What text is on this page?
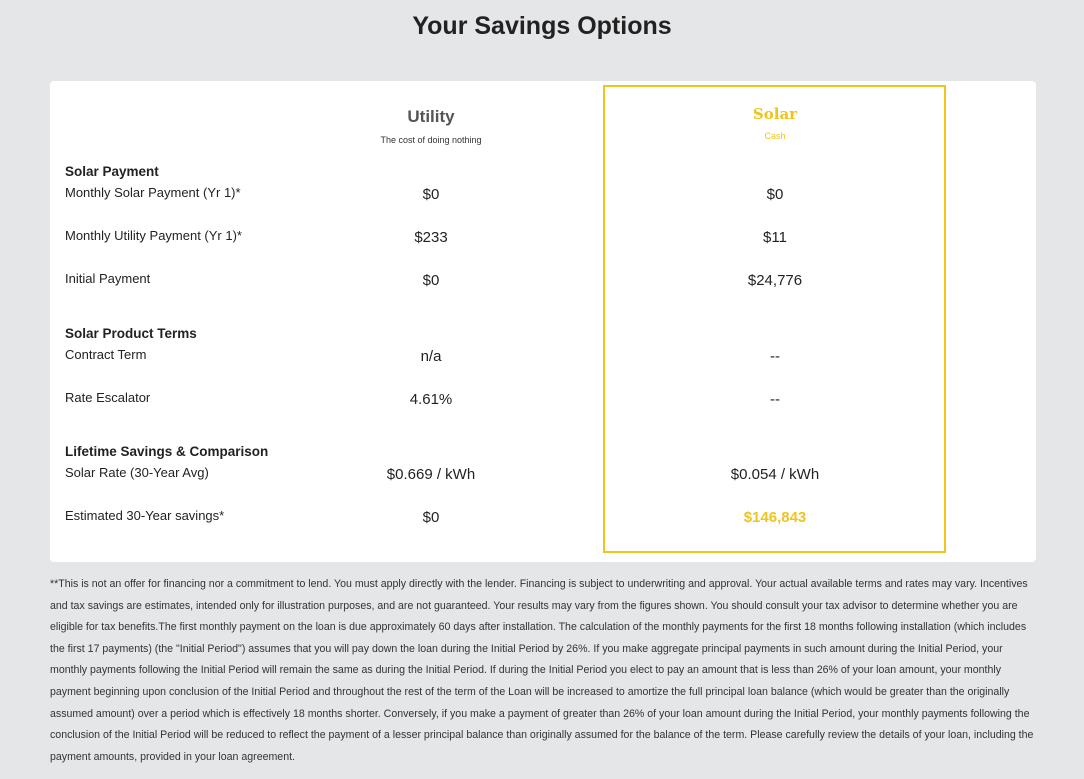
Your Savings Options
Utility
The cost of doing nothing
Solar
Cash
Solar Payment
Monthly Solar Payment (Yr 1)*	$0	$0
Monthly Utility Payment (Yr 1)*	$233	$11
Initial Payment	$0	$24,776
Solar Product Terms
Contract Term	n/a	--
Rate Escalator	4.61%	--
Lifetime Savings & Comparison
Solar Rate (30-Year Avg)	$0.669 / kWh	$0.054 / kWh
Estimated 30-Year savings*	$0	$146,843

**This is not an offer for financing nor a commitment to lend. You must apply directly with the lender. Financing is subject to underwriting and approval. Your actual available terms and rates may vary. Incentives and tax savings are estimates, intended only for illustration purposes, and are not guaranteed. Your results may vary from the figures shown. You should consult your tax advisor to determine whether you are eligible for tax benefits.The first monthly payment on the loan is due approximately 60 days after installation. The calculation of the monthly payments for the first 18 months following installation (which includes the first 17 payments) (the "Initial Period") assumes that you will pay down the loan during the Initial Period by 26%. If you make aggregate principal payments in such amount during the Initial Period, your monthly payments following the Initial Period will remain the same as during the Initial Period. If during the Initial Period you elect to pay an amount that is less than 26% of your loan amount, your monthly payment beginning upon conclusion of the Initial Period and throughout the rest of the term of the Loan will be increased to amortize the full principal loan balance (which would be greater than the originally assumed amount) over a period which is effectively 18 months shorter. Conversely, if you make a payment of greater than 26% of your loan amount during the Initial Period, your monthly payments following the conclusion of the Initial Period will be reduced to reflect the payment of a lesser principal balance than originally assumed for the balance of the term. Please carefully review the details of your loan, including the payment amounts, provided in your loan agreement.
